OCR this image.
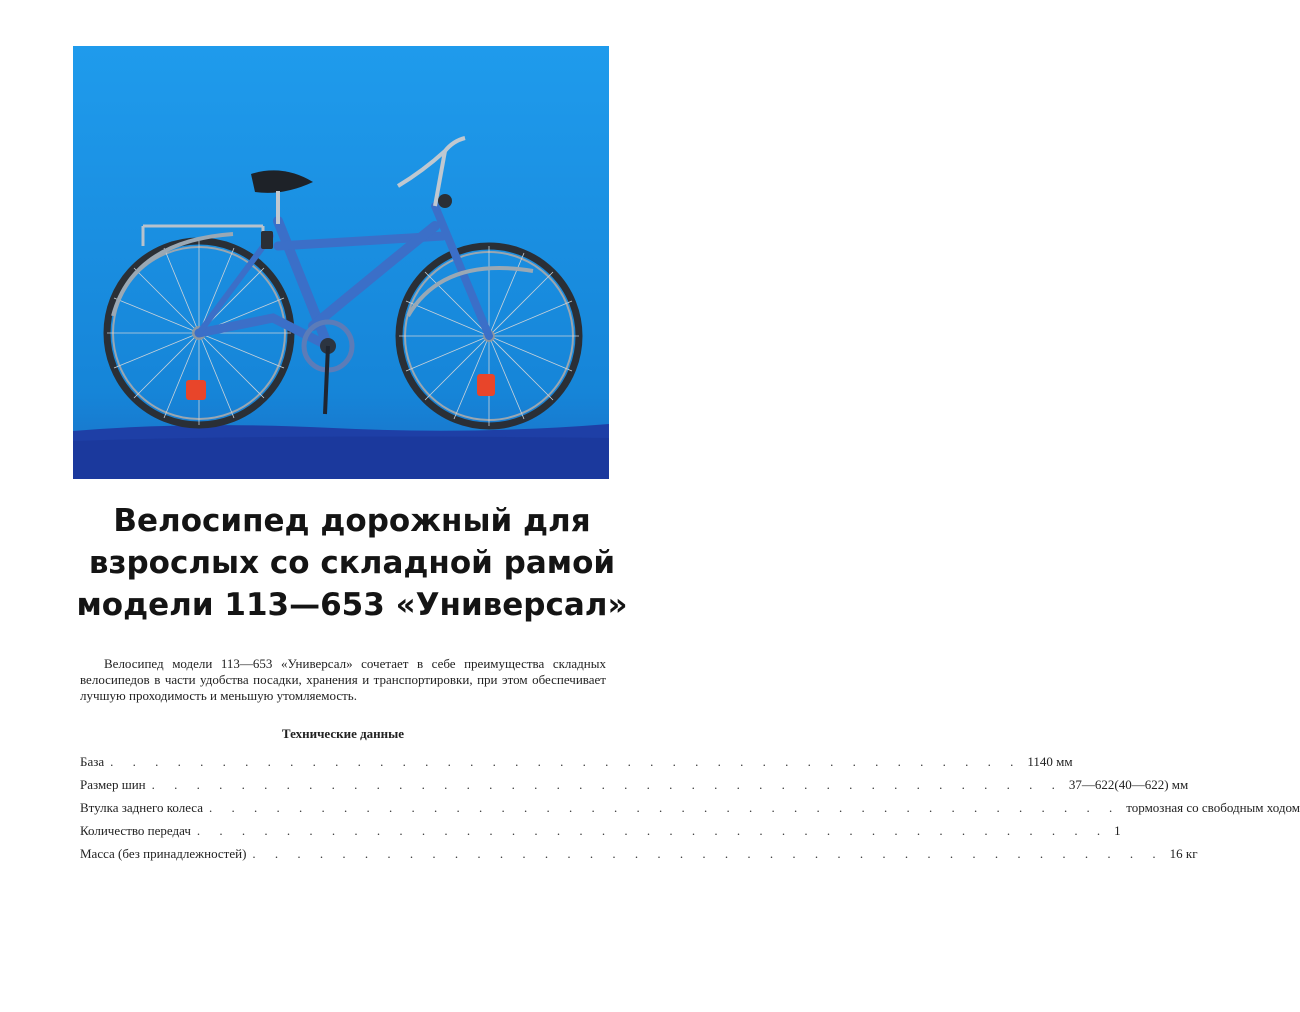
Велосипед дорожный для
взрослых со складной рамой
модели 113—653 «Универсал»
Велосипед модели 113—653 «Универсал» сочетает в себе преимущества складных велосипедов в части удобства посадки, хранения и транспортировки, при этом обеспечивает лучшую проходимость и меньшую утомляемость.
Технические данные
База . . . . . . . . . . . . . . . . . . . . . . . . . . . . . . . . . . . . . . . . . 1140 мм
Размер шин . . . . . . . . . . . . . . . . . . . . . . . . . . . . . . . . . . . . . . . . . 37—622(40—622) мм
Втулка заднего колеса . . . . . . . . . . . . . . . . . . . . . . . . . . . . . . . . . . . . . . . . . тормозная со свободным ходом
Количество передач . . . . . . . . . . . . . . . . . . . . . . . . . . . . . . . . . . . . . . . . . 1
Масса (без принадлежностей) . . . . . . . . . . . . . . . . . . . . . . . . . . . . . . . . . . . . . . . . . 16 кг
